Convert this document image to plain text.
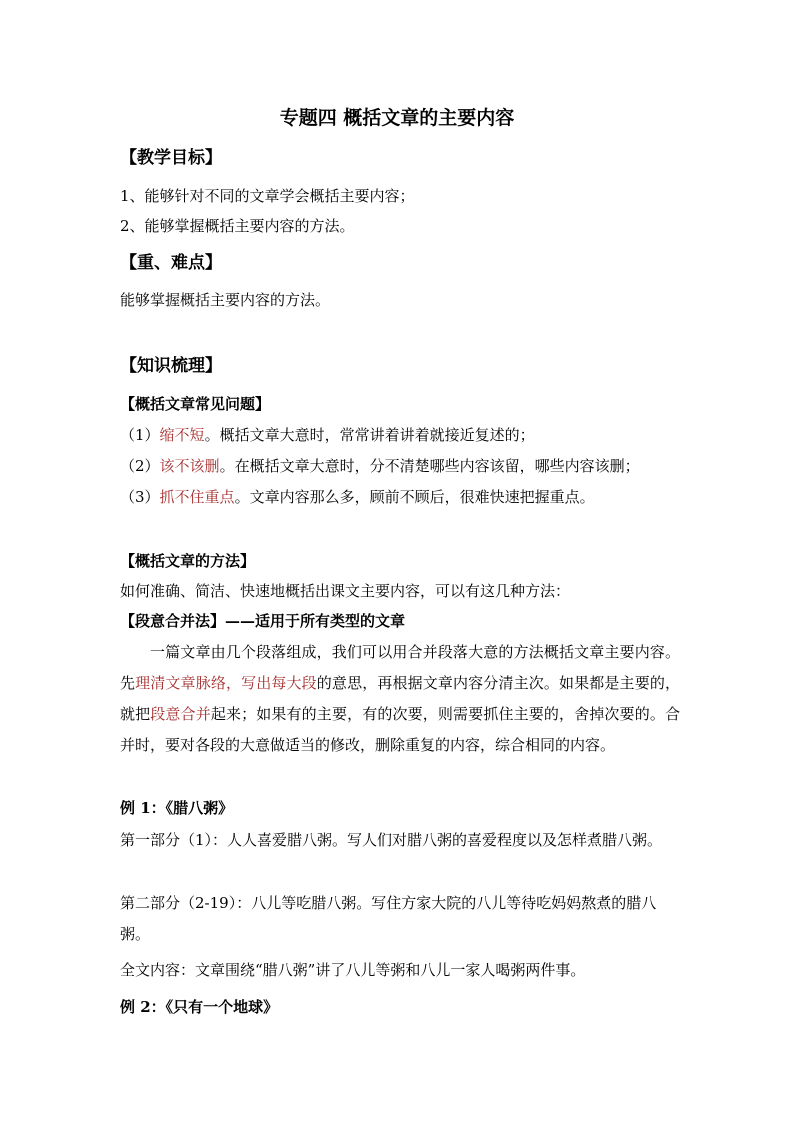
专题四 概括文章的主要内容
【教学目标】
1、能够针对不同的文章学会概括主要内容；
2、能够掌握概括主要内容的方法。
【重、难点】
能够掌握概括主要内容的方法。
【知识梳理】
【概括文章常见问题】
（1）缩不短。概括文章大意时，常常讲着讲着就接近复述的；
（2）该不该删。在概括文章大意时，分不清楚哪些内容该留，哪些内容该删；
（3）抓不住重点。文章内容那么多，顾前不顾后，很难快速把握重点。
【概括文章的方法】
如何准确、简洁、快速地概括出课文主要内容，可以有这几种方法：
【段意合并法】——适用于所有类型的文章
一篇文章由几个段落组成，我们可以用合并段落大意的方法概括文章主要内容。先理清文章脉络，写出每大段的意思，再根据文章内容分清主次。如果都是主要的，就把段意合并起来；如果有的主要，有的次要，则需要抓住主要的，舍掉次要的。合并时，要对各段的大意做适当的修改，删除重复的内容，综合相同的内容。
例 1：《腊八粥》
第一部分（1）：人人喜爱腊八粥。写人们对腊八粥的喜爱程度以及怎样煮腊八粥。
第二部分（2-19）：八儿等吃腊八粥。写住方家大院的八儿等待吃妈妈熬煮的腊八粥。
全文内容：文章围绕“腊八粥”讲了八儿等粥和八儿一家人喝粥两件事。
例 2：《只有一个地球》
